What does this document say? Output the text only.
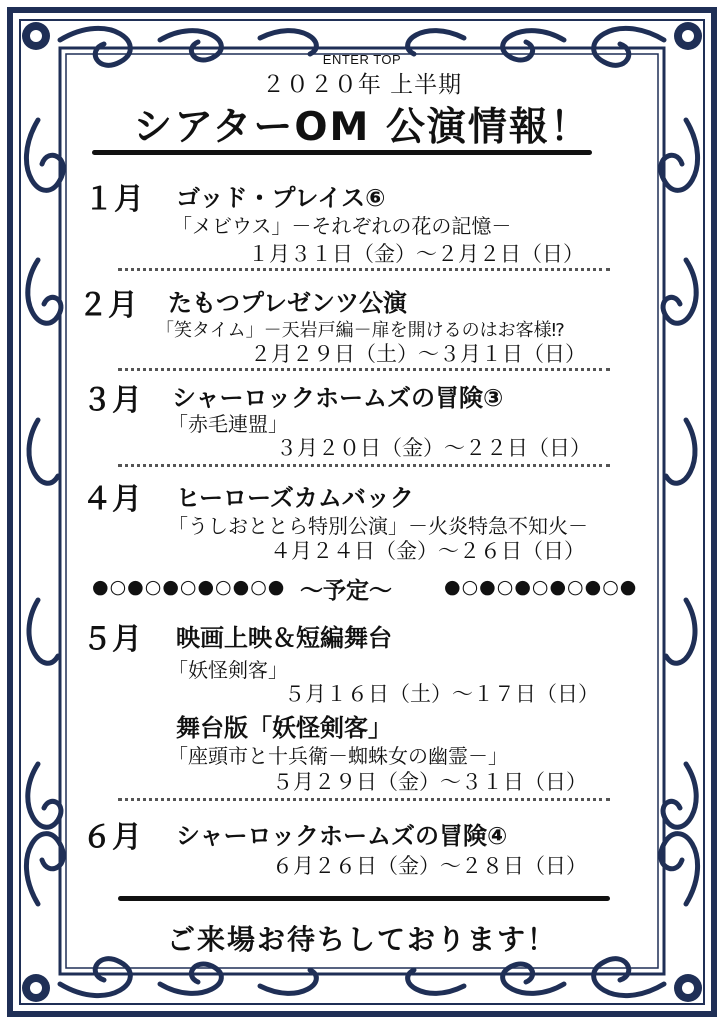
ENTER TOP
２０２０年 上半期
シアターOM 公演情報！
１月 ゴッド・プレイス⑥
「メビウス」－それぞれの花の記憶－
１月３１日（金）～２月２日（日）
２月 たもつプレゼンツ公演
「笑タイム」－天岩戸編－扉を開けるのはお客様⁉
２月２９日（土）～３月１日（日）
３月 シャーロックホームズの冒険③
「赤毛連盟」
３月２０日（金）～２２日（日）
４月 ヒーローズカムバック
「うしおととら特別公演」－火炎特急不知火－
４月２４日（金）～２６日（日）
●○●○●○●○●○● ～予定～	●○●○●○●○●○●
５月 映画上映＆短編舞台
「妖怪剣客」
５月１６日（土）～１７日（日）
舞台版「妖怪剣客」
「座頭市と十兵衛－蜘蛛女の幽霊－」
５月２９日（金）～３１日（日）
６月 シャーロックホームズの冒険④
６月２６日（金）～２８日（日）
ご来場お待ちしております！
